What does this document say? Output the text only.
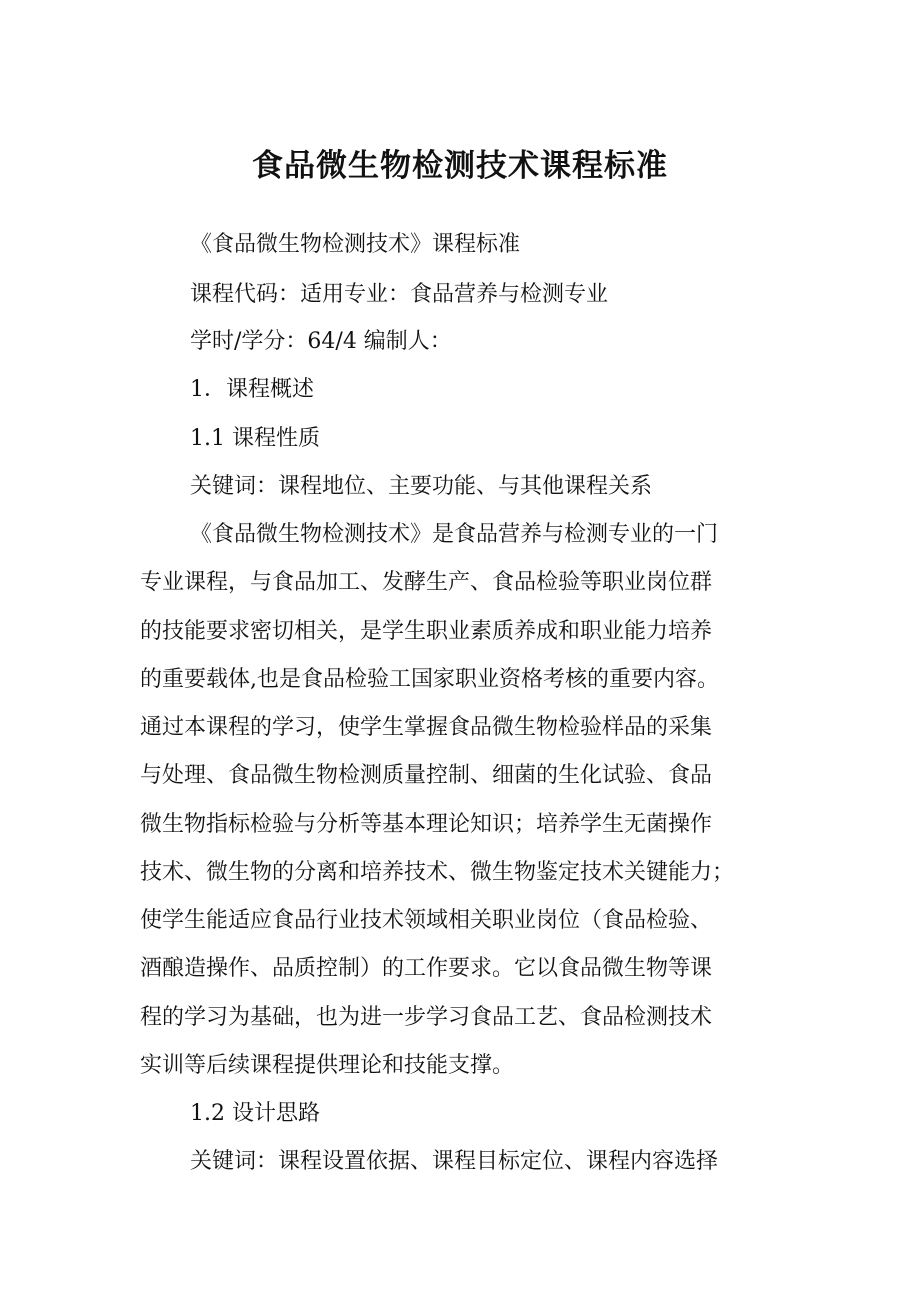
食品微生物检测技术课程标准
《食品微生物检测技术》课程标准
课程代码：适用专业：食品营养与检测专业
学时/学分：64/4 编制人：
1．课程概述
1.1 课程性质
关键词：课程地位、主要功能、与其他课程关系
《食品微生物检测技术》是食品营养与检测专业的一门
专业课程，与食品加工、发酵生产、食品检验等职业岗位群
的技能要求密切相关，是学生职业素质养成和职业能力培养
的重要载体,也是食品检验工国家职业资格考核的重要内容。
通过本课程的学习，使学生掌握食品微生物检验样品的采集
与处理、食品微生物检测质量控制、细菌的生化试验、食品
微生物指标检验与分析等基本理论知识；培养学生无菌操作
技术、微生物的分离和培养技术、微生物鉴定技术关键能力；
使学生能适应食品行业技术领域相关职业岗位（食品检验、
酒酿造操作、品质控制）的工作要求。它以食品微生物等课
程的学习为基础，也为进一步学习食品工艺、食品检测技术
实训等后续课程提供理论和技能支撑。
1.2 设计思路
关键词：课程设置依据、课程目标定位、课程内容选择
